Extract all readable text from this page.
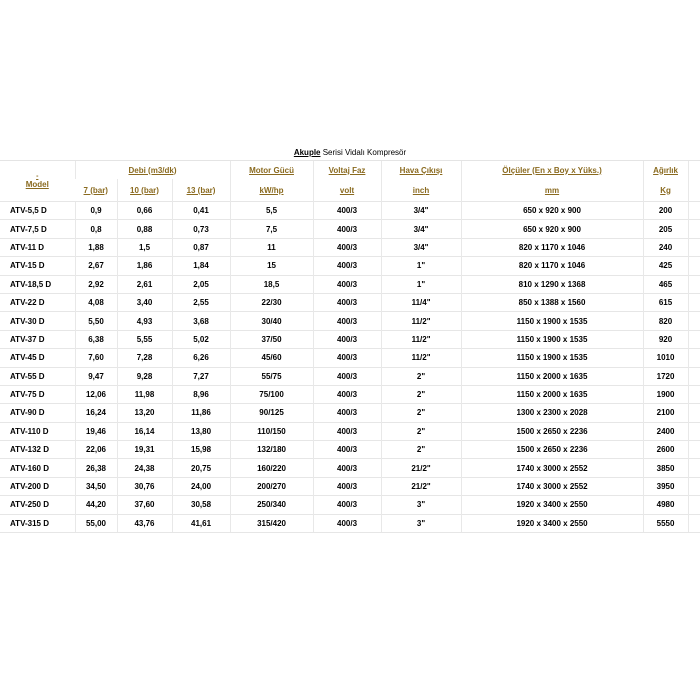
Akuple Serisi Vidalı Kompresör
-
Model	Debi (m3/dk)			Motor Gücü	Voltaj Faz	Hava Çıkışı	Ölçüler (En x Boy x Yüks.)	Ağırlık	
	7 (bar)	10 (bar)	13 (bar)	kW/hp	volt	inch	mm	Kg	

ATV-5,5 D	0,9	0,66	0,41	5,5	400/3	3/4"	650 x 920 x 900	200	
ATV-7,5 D	0,8	0,88	0,73	7,5	400/3	3/4"	650 x 920 x 900	205	
ATV-11 D	1,88	1,5	0,87	11	400/3	3/4"	820 x 1170 x 1046	240	
ATV-15 D	2,67	1,86	1,84	15	400/3	1"	820 x 1170 x 1046	425	
ATV-18,5 D	2,92	2,61	2,05	18,5	400/3	1"	810 x 1290 x 1368	465	
ATV-22 D	4,08	3,40	2,55	22/30	400/3	11/4"	850 x 1388 x 1560	615	
ATV-30 D	5,50	4,93	3,68	30/40	400/3	11/2"	1150 x 1900 x 1535	820	
ATV-37 D	6,38	5,55	5,02	37/50	400/3	11/2"	1150 x 1900 x 1535	920	
ATV-45 D	7,60	7,28	6,26	45/60	400/3	11/2"	1150 x 1900 x 1535	1010	
ATV-55 D	9,47	9,28	7,27	55/75	400/3	2"	1150 x 2000 x 1635	1720	
ATV-75 D	12,06	11,98	8,96	75/100	400/3	2"	1150 x 2000 x 1635	1900	
ATV-90 D	16,24	13,20	11,86	90/125	400/3	2"	1300 x 2300 x 2028	2100	
ATV-110 D	19,46	16,14	13,80	110/150	400/3	2"	1500 x 2650 x 2236	2400	
ATV-132 D	22,06	19,31	15,98	132/180	400/3	2"	1500 x 2650 x 2236	2600	
ATV-160 D	26,38	24,38	20,75	160/220	400/3	21/2"	1740 x 3000 x 2552	3850	
ATV-200 D	34,50	30,76	24,00	200/270	400/3	21/2"	1740 x 3000 x 2552	3950	
ATV-250 D	44,20	37,60	30,58	250/340	400/3	3"	1920 x 3400 x 2550	4980	
ATV-315 D	55,00	43,76	41,61	315/420	400/3	3"	1920 x 3400 x 2550	5550	
